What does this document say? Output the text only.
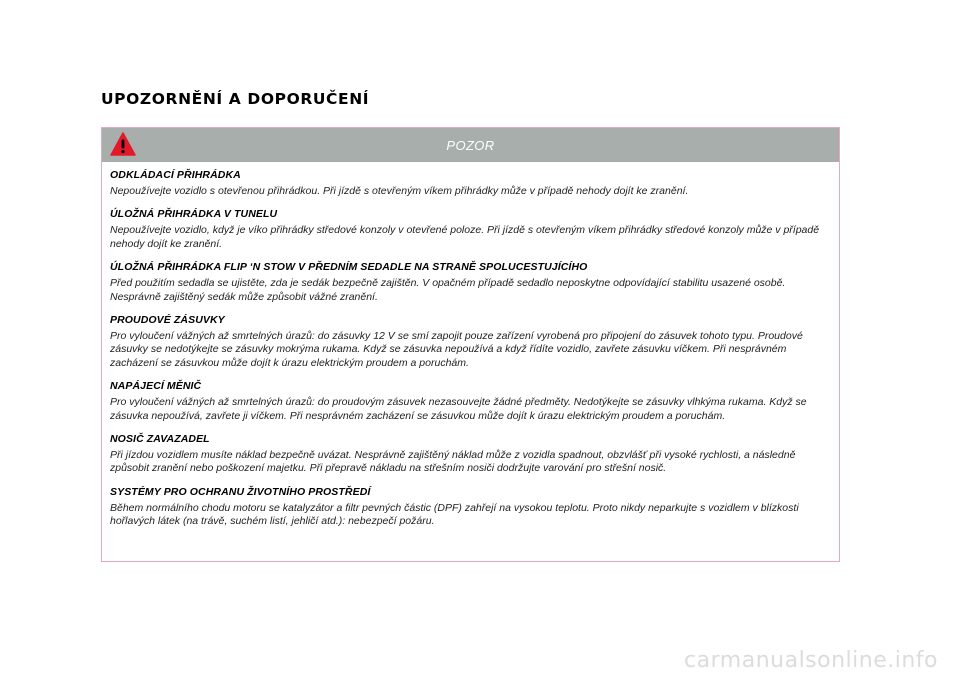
UPOZORNĚNÍ A DOPORUČENÍ
POZOR

ODKLÁDACÍ PŘIHRÁDKA

Nepoužívejte vozidlo s otevřenou přihrádkou. Při jízdě s otevřeným víkem přihrádky může v případě nehody dojít ke zranění.

ÚLOŽNÁ PŘIHRÁDKA V TUNELU

Nepoužívejte vozidlo, když je víko přihrádky středové konzoly v otevřené poloze. Při jízdě s otevřeným víkem přihrádky středové konzoly může v případě nehody dojít ke zranění.

ÚLOŽNÁ PŘIHRÁDKA FLIP ‘N STOW V PŘEDNÍM SEDADLE NA STRANĚ SPOLUCESTUJÍCÍHO

Před použitím sedadla se ujistěte, zda je sedák bezpečně zajištěn. V opačném případě sedadlo neposkytne odpovídající stabilitu usazené osobě. Nesprávně zajištěný sedák může způsobit vážné zranění.

PROUDOVÉ ZÁSUVKY

Pro vyloučení vážných až smrtelných úrazů: do zásuvky 12 V se smí zapojit pouze zařízení vyrobená pro připojení do zásuvek tohoto typu. Proudové zásuvky se nedotýkejte se zásuvky mokrýma rukama. Když se zásuvka nepoužívá a když řídíte vozidlo, zavřete zásuvku víčkem. Při nesprávném zacházení se zásuvkou může dojít k úrazu elektrickým proudem a poruchám.

NAPÁJECÍ MĚNIČ

Pro vyloučení vážných až smrtelných úrazů: do proudovým zásuvek nezasouvejte žádné předměty. Nedotýkejte se zásuvky vlhkýma rukama. Když se zásuvka nepoužívá, zavřete ji víčkem. Při nesprávném zacházení se zásuvkou může dojít k úrazu elektrickým proudem a poruchám.

NOSIČ ZAVAZADEL

Při jízdou vozidlem musíte náklad bezpečně uvázat. Nesprávně zajištěný náklad může z vozidla spadnout, obzvlášť při vysoké rychlosti, a následně způsobit zranění nebo poškození majetku. Při přepravě nákladu na střešním nosiči dodržujte varování pro střešní nosič.

SYSTÉMY PRO OCHRANU ŽIVOTNÍHO PROSTŘEDÍ

Během normálního chodu motoru se katalyzátor a filtr pevných částic (DPF) zahřejí na vysokou teplotu. Proto nikdy neparkujte s vozidlem v blízkosti hořlavých látek (na trávě, suchém listí, jehličí atd.): nebezpečí požáru.

carmanualsonline.info
